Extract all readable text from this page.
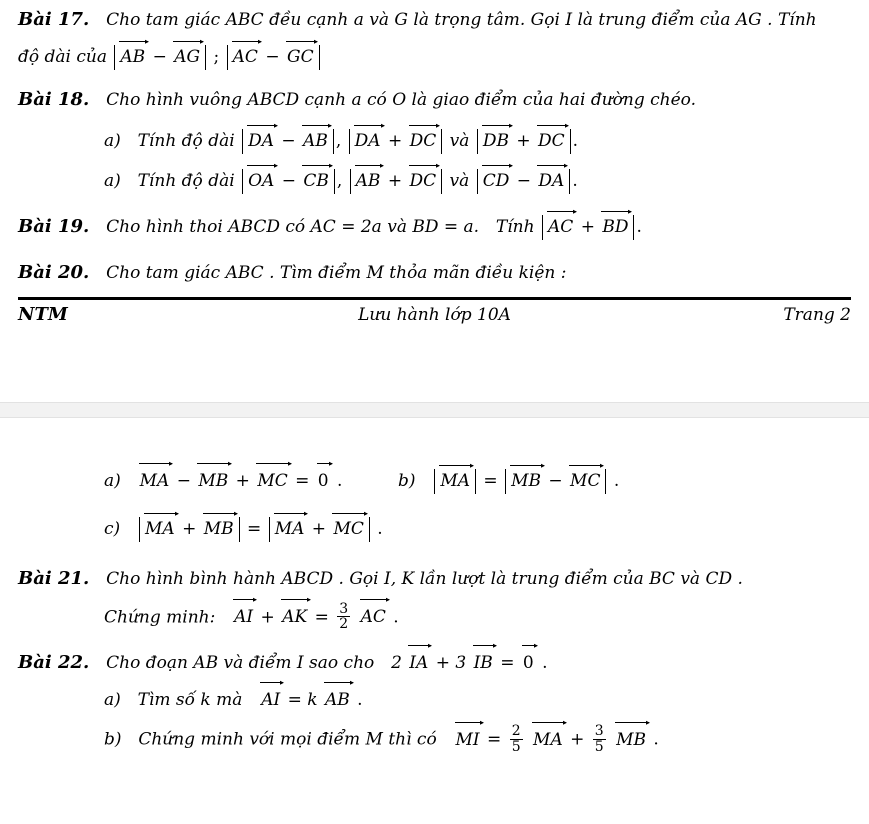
Bài 17. Cho tam giác ABC đều cạnh a và G là trọng tâm. Gọi I là trung điểm của AG . Tính
độ dài của AB − AG ; AC − GC
Bài 18. Cho hình vuông ABCD cạnh a có O là giao điểm của hai đường chéo.
a) Tính độ dài DA − AB , DA + DC và DB + DC .
a) Tính độ dài OA − CB , AB + DC và CD − DA .
Bài 19. Cho hình thoi ABCD có AC = 2a và BD = a. Tính AC + BD .
Bài 20. Cho tam giác ABC . Tìm điểm M thỏa mãn điều kiện :
NTM	Lưu hành lớp 10A	Trang 2
a) MA − MB + MC = 0 .	b) MA = MB − MC .
c) MA + MB = MA + MC .
Bài 21. Cho hình bình hành ABCD . Gọi I, K lần lượt là trung điểm của BC và CD .
Chứng minh: AI + AK = $\frac{3}{2}$ AC .
Bài 22. Cho đoạn AB và điểm I sao cho 2 IA + 3 IB = 0 .
a) Tìm số k mà AI = k AB .
b) Chứng minh với mọi điểm M thì có MI = $\frac{2}{5}$ MA + $\frac{3}{5}$ MB .
